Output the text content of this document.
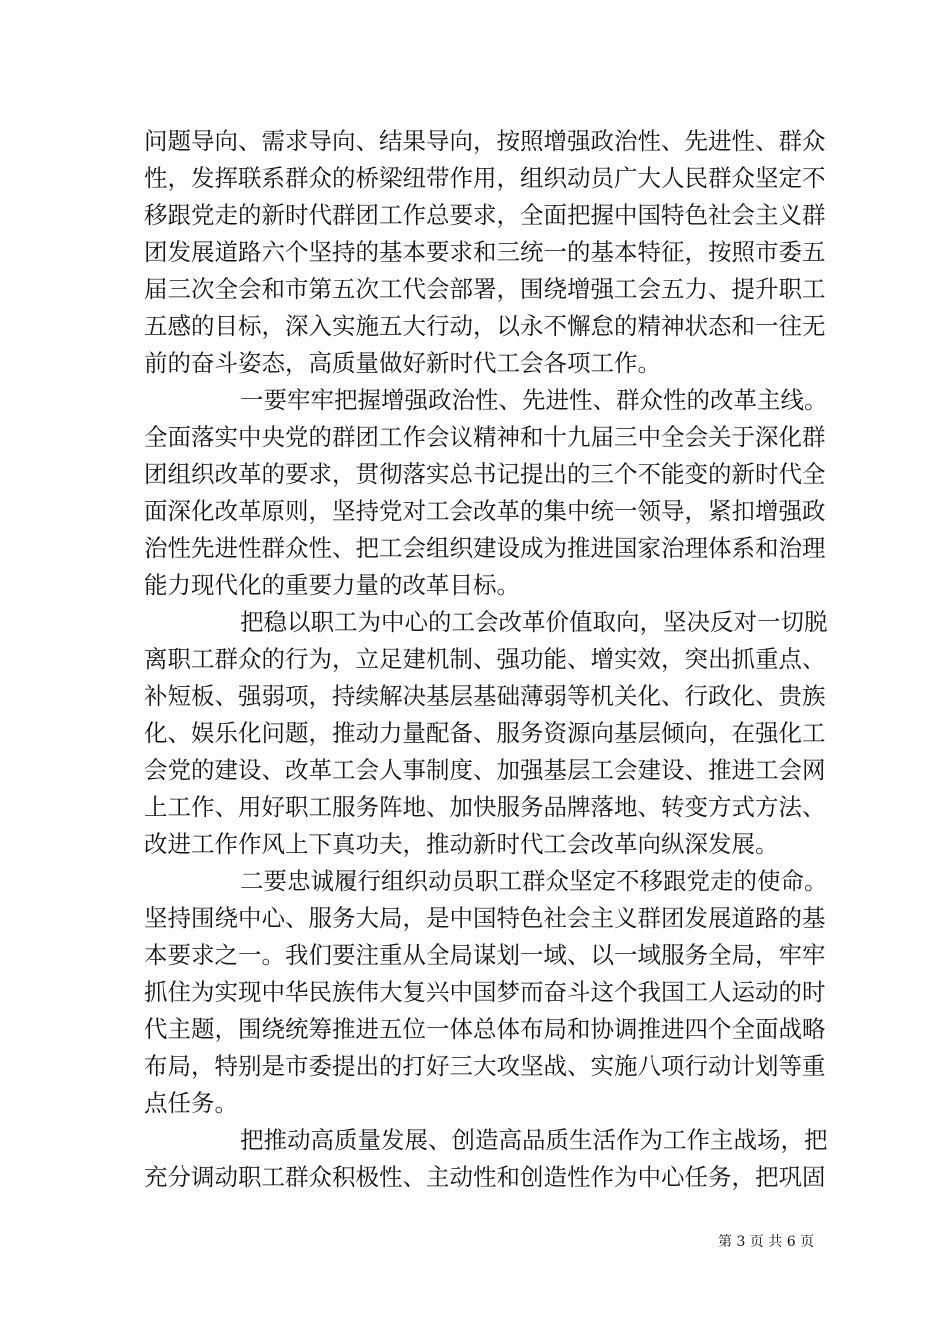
问题导向、需求导向、结果导向，按照增强政治性、先进性、群众
性，发挥联系群众的桥梁纽带作用，组织动员广大人民群众坚定不
移跟党走的新时代群团工作总要求，全面把握中国特色社会主义群
团发展道路六个坚持的基本要求和三统一的基本特征，按照市委五
届三次全会和市第五次工代会部署，围绕增强工会五力、提升职工
五感的目标，深入实施五大行动，以永不懈怠的精神状态和一往无
前的奋斗姿态，高质量做好新时代工会各项工作。
一要牢牢把握增强政治性、先进性、群众性的改革主线。
全面落实中央党的群团工作会议精神和十九届三中全会关于深化群
团组织改革的要求，贯彻落实总书记提出的三个不能变的新时代全
面深化改革原则，坚持党对工会改革的集中统一领导，紧扣增强政
治性先进性群众性、把工会组织建设成为推进国家治理体系和治理
能力现代化的重要力量的改革目标。
把稳以职工为中心的工会改革价值取向，坚决反对一切脱
离职工群众的行为，立足建机制、强功能、增实效，突出抓重点、
补短板、强弱项，持续解决基层基础薄弱等机关化、行政化、贵族
化、娱乐化问题，推动力量配备、服务资源向基层倾向，在强化工
会党的建设、改革工会人事制度、加强基层工会建设、推进工会网
上工作、用好职工服务阵地、加快服务品牌落地、转变方式方法、
改进工作作风上下真功夫，推动新时代工会改革向纵深发展。
二要忠诚履行组织动员职工群众坚定不移跟党走的使命。
坚持围绕中心、服务大局，是中国特色社会主义群团发展道路的基
本要求之一。我们要注重从全局谋划一域、以一域服务全局，牢牢
抓住为实现中华民族伟大复兴中国梦而奋斗这个我国工人运动的时
代主题，围绕统筹推进五位一体总体布局和协调推进四个全面战略
布局，特别是市委提出的打好三大攻坚战、实施八项行动计划等重
点任务。
把推动高质量发展、创造高品质生活作为工作主战场，把
充分调动职工群众积极性、主动性和创造性作为中心任务，把巩固
第 3 页 共 6 页
